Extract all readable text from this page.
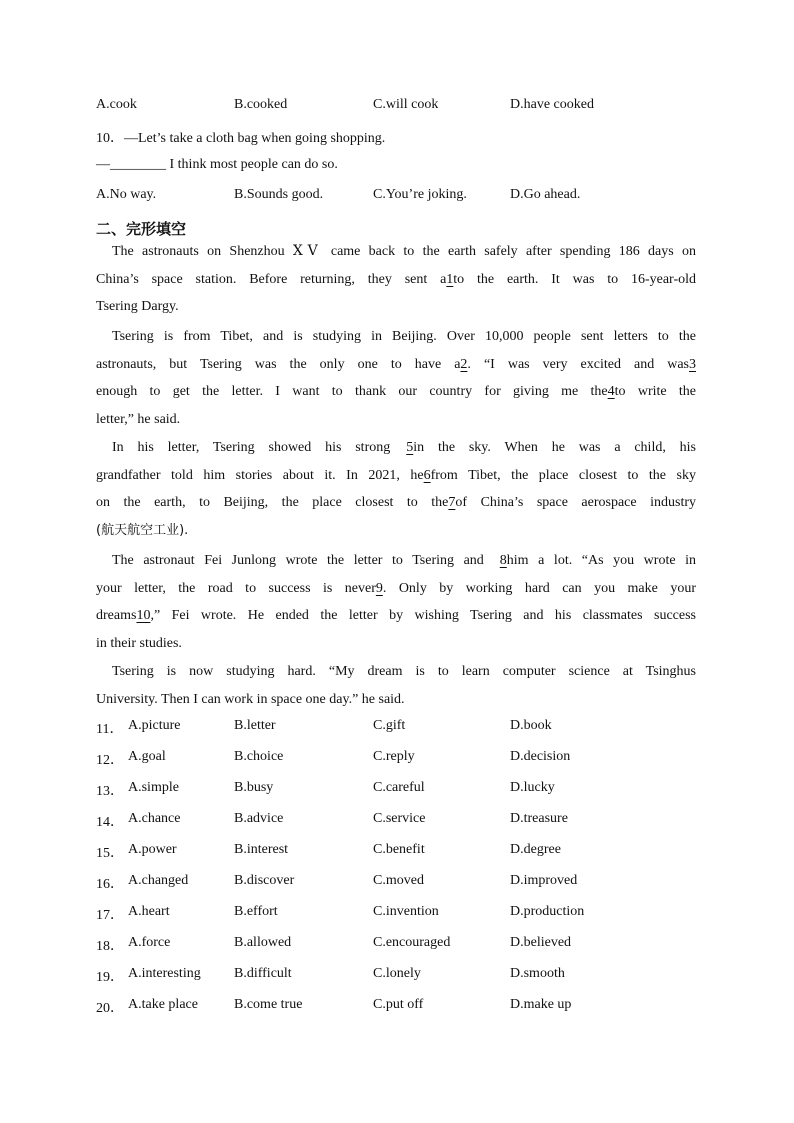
A.cook	B.cooked	C.will cook	D.have cooked
10．—Let’s take a cloth bag when going shopping.
—________ I think most people can do so.
A.No way.	B.Sounds good.	C.You’re joking.	D.Go ahead.
二、完形填空
The astronauts on Shenzhou ⅩⅤ came back to the earth safely after spending 186 days on
China’s space station. Before returning, they sent a1to the earth. It was to 16-year-old
Tsering Dargy.
Tsering is from Tibet, and is studying in Beijing. Over 10,000 people sent letters to the
astronauts, but Tsering was the only one to have a2. “I was very excited and was3
enough to get the letter. I want to thank our country for giving me the4to write the
letter,” he said.
In his letter, Tsering showed his strong5in the sky. When he was a child, his
grandfather told him stories about it. In 2021, he6from Tibet, the place closest to the sky
on the earth, to Beijing, the place closest to the7of China’s space aerospace industry
(航天航空工业).
The astronaut Fei Junlong wrote the letter to Tsering and8him a lot. “As you wrote in
your letter, the road to success is never9. Only by working hard can you make your
dreams10,” Fei wrote. He ended the letter by wishing Tsering and his classmates success
in their studies.
Tsering is now studying hard. “My dream is to learn computer science at Tsinghus
University. Then I can work in space one day.” he said.
11． A.picture	B.letter	C.gift	D.book
12． A.goal	B.choice	C.reply	D.decision
13． A.simple	B.busy	C.careful	D.lucky
14． A.chance	B.advice	C.service	D.treasure
15． A.power	B.interest	C.benefit	D.degree
16． A.changed	B.discover	C.moved	D.improved
17． A.heart	B.effort	C.invention	D.production
18． A.force	B.allowed	C.encouraged	D.believed
19． A.interesting B.difficult	C.lonely	D.smooth
20． A.take place	B.come true	C.put off	D.make up
